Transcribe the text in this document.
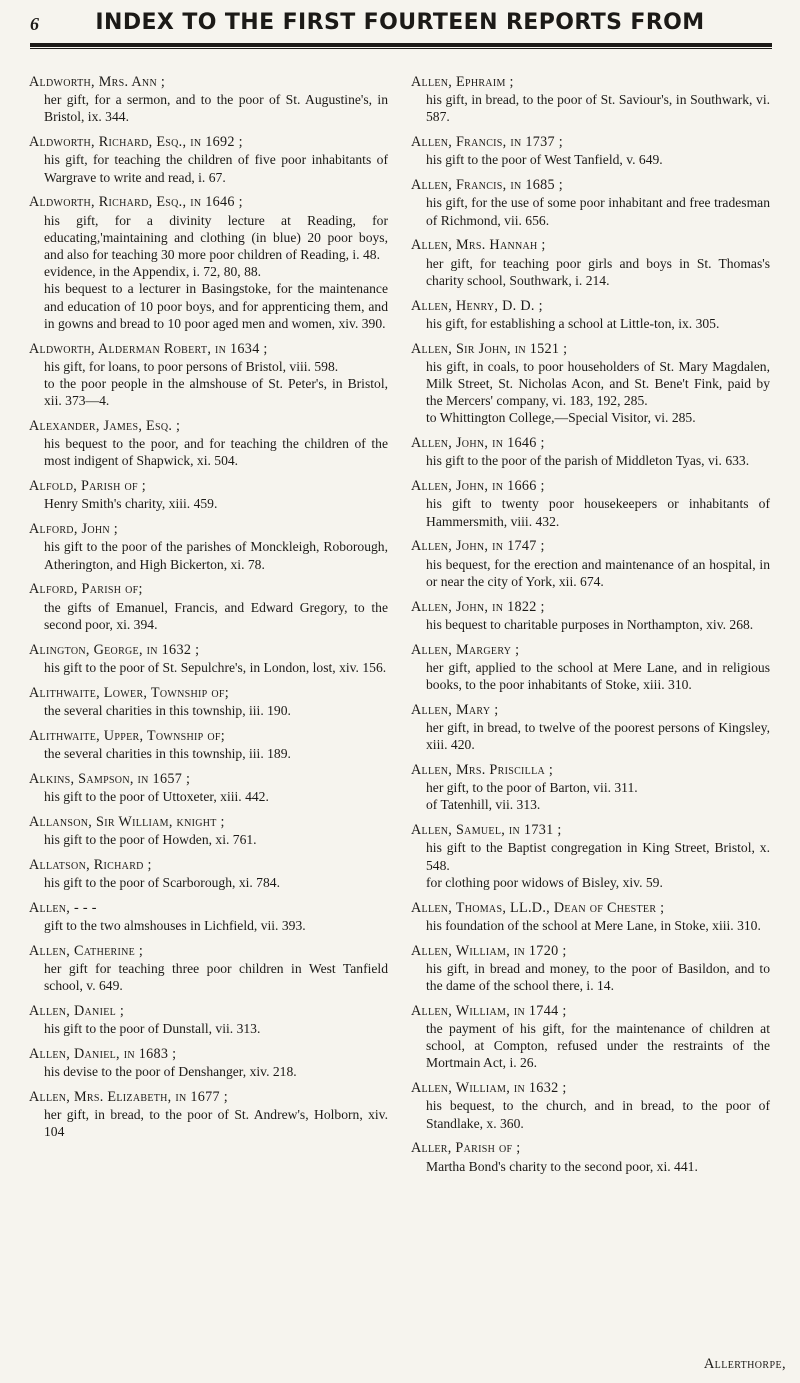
6	INDEX TO THE FIRST FOURTEEN REPORTS FROM
Aldworth, Mrs. Ann ;
her gift, for a sermon, and to the poor of St. Augustine's, in Bristol, ix. 344.
Aldworth, Richard, Esq., in 1692 ;
his gift, for teaching the children of five poor inhabitants of Wargrave to write and read, i. 67.
Aldworth, Richard, Esq., in 1646 ;
his gift, for a divinity lecture at Reading, for educating,'maintaining and clothing (in blue) 20 poor boys, and also for teaching 30 more poor children of Reading, i. 48.
evidence, in the Appendix, i. 72, 80, 88.
his bequest to a lecturer in Basingstoke, for the maintenance and education of 10 poor boys, and for apprenticing them, and in gowns and bread to 10 poor aged men and women, xiv. 390.
Aldworth, Alderman Robert, in 1634 ;
his gift, for loans, to poor persons of Bristol, viii. 598.
to the poor people in the almshouse of St. Peter's, in Bristol, xii. 373—4.
Alexander, James, Esq. ;
his bequest to the poor, and for teaching the children of the most indigent of Shapwick, xi. 504.
Alfold, Parish of ;
Henry Smith's charity, xiii. 459.
Alford, John ;
his gift to the poor of the parishes of Monckleigh, Roborough, Atherington, and High Bickerton, xi. 78.
Alford, Parish of;
the gifts of Emanuel, Francis, and Edward Gregory, to the second poor, xi. 394.
Alington, George, in 1632 ;
his gift to the poor of St. Sepulchre's, in London, lost, xiv. 156.
Alithwaite, Lower, Township of;
the several charities in this township, iii. 190.
Alithwaite, Upper, Township of;
the several charities in this township, iii. 189.
Alkins, Sampson, in 1657 ;
his gift to the poor of Uttoxeter, xiii. 442.
Allanson, Sir William, knight ;
his gift to the poor of Howden, xi. 761.
Allatson, Richard ;
his gift to the poor of Scarborough, xi. 784.
Allen, - - -
gift to the two almshouses in Lichfield, vii. 393.
Allen, Catherine ;
her gift for teaching three poor children in West Tanfield school, v. 649.
Allen, Daniel ;
his gift to the poor of Dunstall, vii. 313.
Allen, Daniel, in 1683 ;
his devise to the poor of Denshanger, xiv. 218.
Allen, Mrs. Elizabeth, in 1677 ;
her gift, in bread, to the poor of St. Andrew's, Holborn, xiv. 104
Allen, Ephraim ;
his gift, in bread, to the poor of St. Saviour's, in Southwark, vi. 587.
Allen, Francis, in 1737 ;
his gift to the poor of West Tanfield, v. 649.
Allen, Francis, in 1685 ;
his gift, for the use of some poor inhabitant and free tradesman of Richmond, vii. 656.
Allen, Mrs. Hannah ;
her gift, for teaching poor girls and boys in St. Thomas's charity school, Southwark, i. 214.
Allen, Henry, D. D. ;
his gift, for establishing a school at Little-ton, ix. 305.
Allen, Sir John, in 1521 ;
his gift, in coals, to poor householders of St. Mary Magdalen, Milk Street, St. Nicholas Acon, and St. Bene't Fink, paid by the Mercers' company, vi. 183, 192, 285.
to Whittington College,—Special Visitor, vi. 285.
Allen, John, in 1646 ;
his gift to the poor of the parish of Middleton Tyas, vi. 633.
Allen, John, in 1666 ;
his gift to twenty poor housekeepers or inhabitants of Hammersmith, viii. 432.
Allen, John, in 1747 ;
his bequest, for the erection and maintenance of an hospital, in or near the city of York, xii. 674.
Allen, John, in 1822 ;
his bequest to charitable purposes in Northampton, xiv. 268.
Allen, Margery ;
her gift, applied to the school at Mere Lane, and in religious books, to the poor inhabitants of Stoke, xiii. 310.
Allen, Mary ;
her gift, in bread, to twelve of the poorest persons of Kingsley, xiii. 420.
Allen, Mrs. Priscilla ;
her gift, to the poor of Barton, vii. 311.
of Tatenhill, vii. 313.
Allen, Samuel, in 1731 ;
his gift to the Baptist congregation in King Street, Bristol, x. 548.
for clothing poor widows of Bisley, xiv. 59.
Allen, Thomas, LL.D., Dean of Chester ;
his foundation of the school at Mere Lane, in Stoke, xiii. 310.
Allen, William, in 1720 ;
his gift, in bread and money, to the poor of Basildon, and to the dame of the school there, i. 14.
Allen, William, in 1744 ;
the payment of his gift, for the maintenance of children at school, at Compton, refused under the restraints of the Mortmain Act, i. 26.
Allen, William, in 1632 ;
his bequest, to the church, and in bread, to the poor of Standlake, x. 360.
Aller, Parish of ;
Martha Bond's charity to the second poor, xi. 441.
Allerthorpe,
